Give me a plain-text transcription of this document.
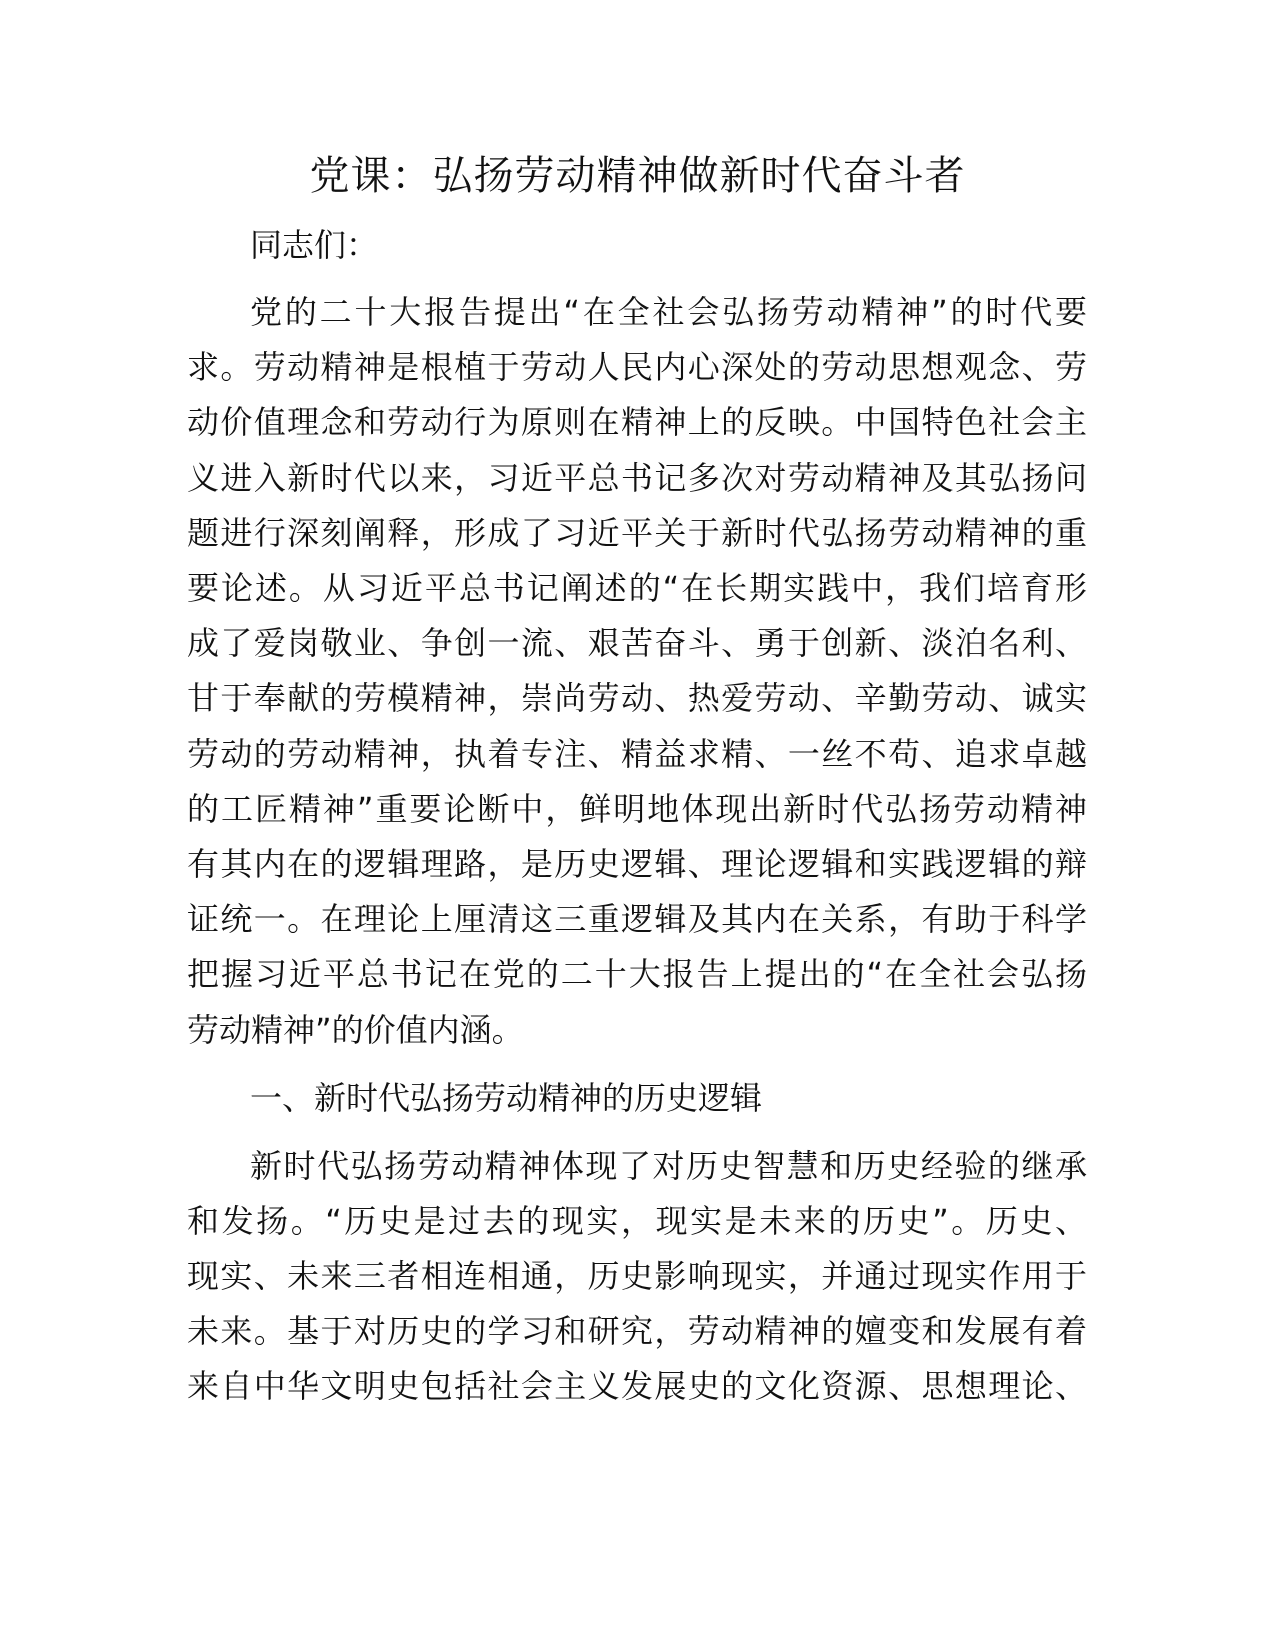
党课：弘扬劳动精神做新时代奋斗者
同志们：
党的二十大报告提出“在全社会弘扬劳动精神”的时代要
求。劳动精神是根植于劳动人民内心深处的劳动思想观念、劳
动价值理念和劳动行为原则在精神上的反映。中国特色社会主
义进入新时代以来，习近平总书记多次对劳动精神及其弘扬问
题进行深刻阐释，形成了习近平关于新时代弘扬劳动精神的重
要论述。从习近平总书记阐述的“在长期实践中，我们培育形
成了爱岗敬业、争创一流、艰苦奋斗、勇于创新、淡泊名利、
甘于奉献的劳模精神，崇尚劳动、热爱劳动、辛勤劳动、诚实
劳动的劳动精神，执着专注、精益求精、一丝不苟、追求卓越
的工匠精神”重要论断中，鲜明地体现出新时代弘扬劳动精神
有其内在的逻辑理路，是历史逻辑、理论逻辑和实践逻辑的辩
证统一。在理论上厘清这三重逻辑及其内在关系，有助于科学
把握习近平总书记在党的二十大报告上提出的“在全社会弘扬
劳动精神”的价值内涵。
一、新时代弘扬劳动精神的历史逻辑
新时代弘扬劳动精神体现了对历史智慧和历史经验的继承
和发扬。“历史是过去的现实，现实是未来的历史”。历史、
现实、未来三者相连相通，历史影响现实，并通过现实作用于
未来。基于对历史的学习和研究，劳动精神的嬗变和发展有着
来自中华文明史包括社会主义发展史的文化资源、思想理论、
